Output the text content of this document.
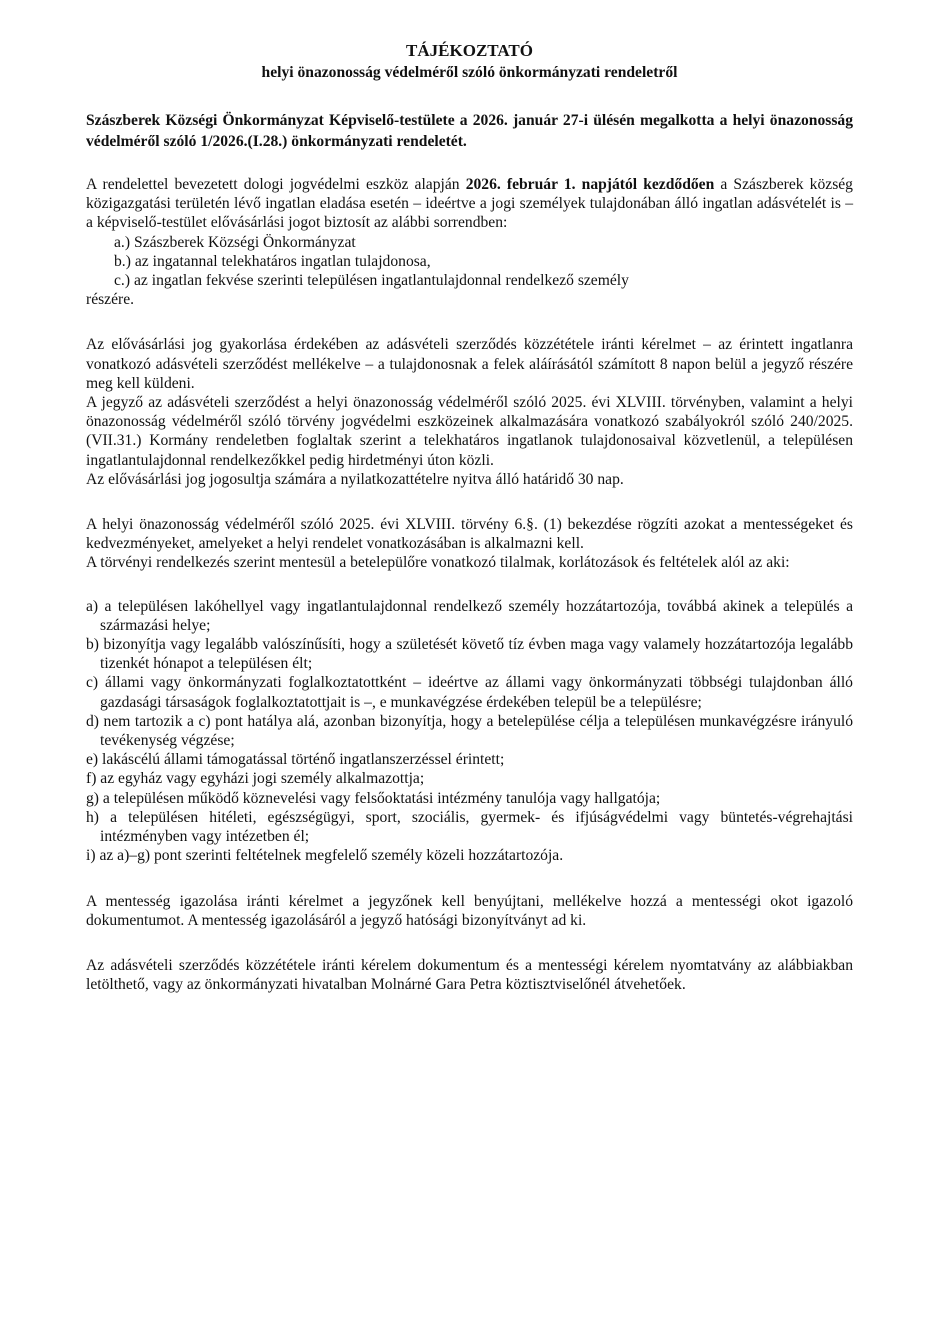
TÁJÉKOZTATÓ
helyi önazonosság védelméről szóló önkormányzati rendeletről

Szászberek Községi Önkormányzat Képviselő-testülete a 2026. január 27-i ülésén megalkotta a helyi önazonosság védelméről szóló 1/2026.(I.28.) önkormányzati rendeletét.

A rendelettel bevezetett dologi jogvédelmi eszköz alapján 2026. február 1. napjától kezdődően a Szászberek község közigazgatási területén lévő ingatlan eladása esetén – ideértve a jogi személyek tulajdonában álló ingatlan adásvételét is – a képviselő-testület elővásárlási jogot biztosít az alábbi sorrendben:

a.) Szászberek Községi Önkormányzat
b.) az ingatannal telekhatáros ingatlan tulajdonosa,
c.) az ingatlan fekvése szerinti településen ingatlantulajdonnal rendelkező személy

részére.

Az elővásárlási jog gyakorlása érdekében az adásvételi szerződés közzététele iránti kérelmet – az érintett ingatlanra vonatkozó adásvételi szerződést mellékelve – a tulajdonosnak a felek aláírásától számított 8 napon belül a jegyző részére meg kell küldeni.

A jegyző az adásvételi szerződést a helyi önazonosság védelméről szóló 2025. évi XLVIII. törvényben, valamint a helyi önazonosság védelméről szóló törvény jogvédelmi eszközeinek alkalmazására vonatkozó szabályokról szóló 240/2025.(VII.31.) Kormány rendeletben foglaltak szerint a telekhatáros ingatlanok tulajdonosaival közvetlenül, a településen ingatlantulajdonnal rendelkezőkkel pedig hirdetményi úton közli.

Az elővásárlási jog jogosultja számára a nyilatkozattételre nyitva álló határidő 30 nap.

A helyi önazonosság védelméről szóló 2025. évi XLVIII. törvény 6.§. (1) bekezdése rögzíti azokat a mentességeket és kedvezményeket, amelyeket a helyi rendelet vonatkozásában is alkalmazni kell.

A törvényi rendelkezés szerint mentesül a betelepülőre vonatkozó tilalmak, korlátozások és feltételek alól az aki:

a) a településen lakóhellyel vagy ingatlantulajdonnal rendelkező személy hozzátartozója, továbbá akinek a település a származási helye;
b) bizonyítja vagy legalább valószínűsíti, hogy a születését követő tíz évben maga vagy valamely hozzátartozója legalább tizenkét hónapot a településen élt;
c) állami vagy önkormányzati foglalkoztatottként – ideértve az állami vagy önkormányzati többségi tulajdonban álló gazdasági társaságok foglalkoztatottjait is –, e munkavégzése érdekében települ be a településre;
d) nem tartozik a c) pont hatálya alá, azonban bizonyítja, hogy a betelepülése célja a településen munkavégzésre irányuló tevékenység végzése;
e) lakáscélú állami támogatással történő ingatlanszerzéssel érintett;
f) az egyház vagy egyházi jogi személy alkalmazottja;
g) a településen működő köznevelési vagy felsőoktatási intézmény tanulója vagy hallgatója;
h) a településen hitéleti, egészségügyi, sport, szociális, gyermek- és ifjúságvédelmi vagy büntetés-végrehajtási intézményben vagy intézetben él;
i) az a)–g) pont szerinti feltételnek megfelelő személy közeli hozzátartozója.

A mentesség igazolása iránti kérelmet a jegyzőnek kell benyújtani, mellékelve hozzá a mentességi okot igazoló dokumentumot. A mentesség igazolásáról a jegyző hatósági bizonyítványt ad ki.

Az adásvételi szerződés közzététele iránti kérelem dokumentum és a mentességi kérelem nyomtatvány az alábbiakban letölthető, vagy az önkormányzati hivatalban Molnárné Gara Petra köztisztviselőnél átvehetőek.
